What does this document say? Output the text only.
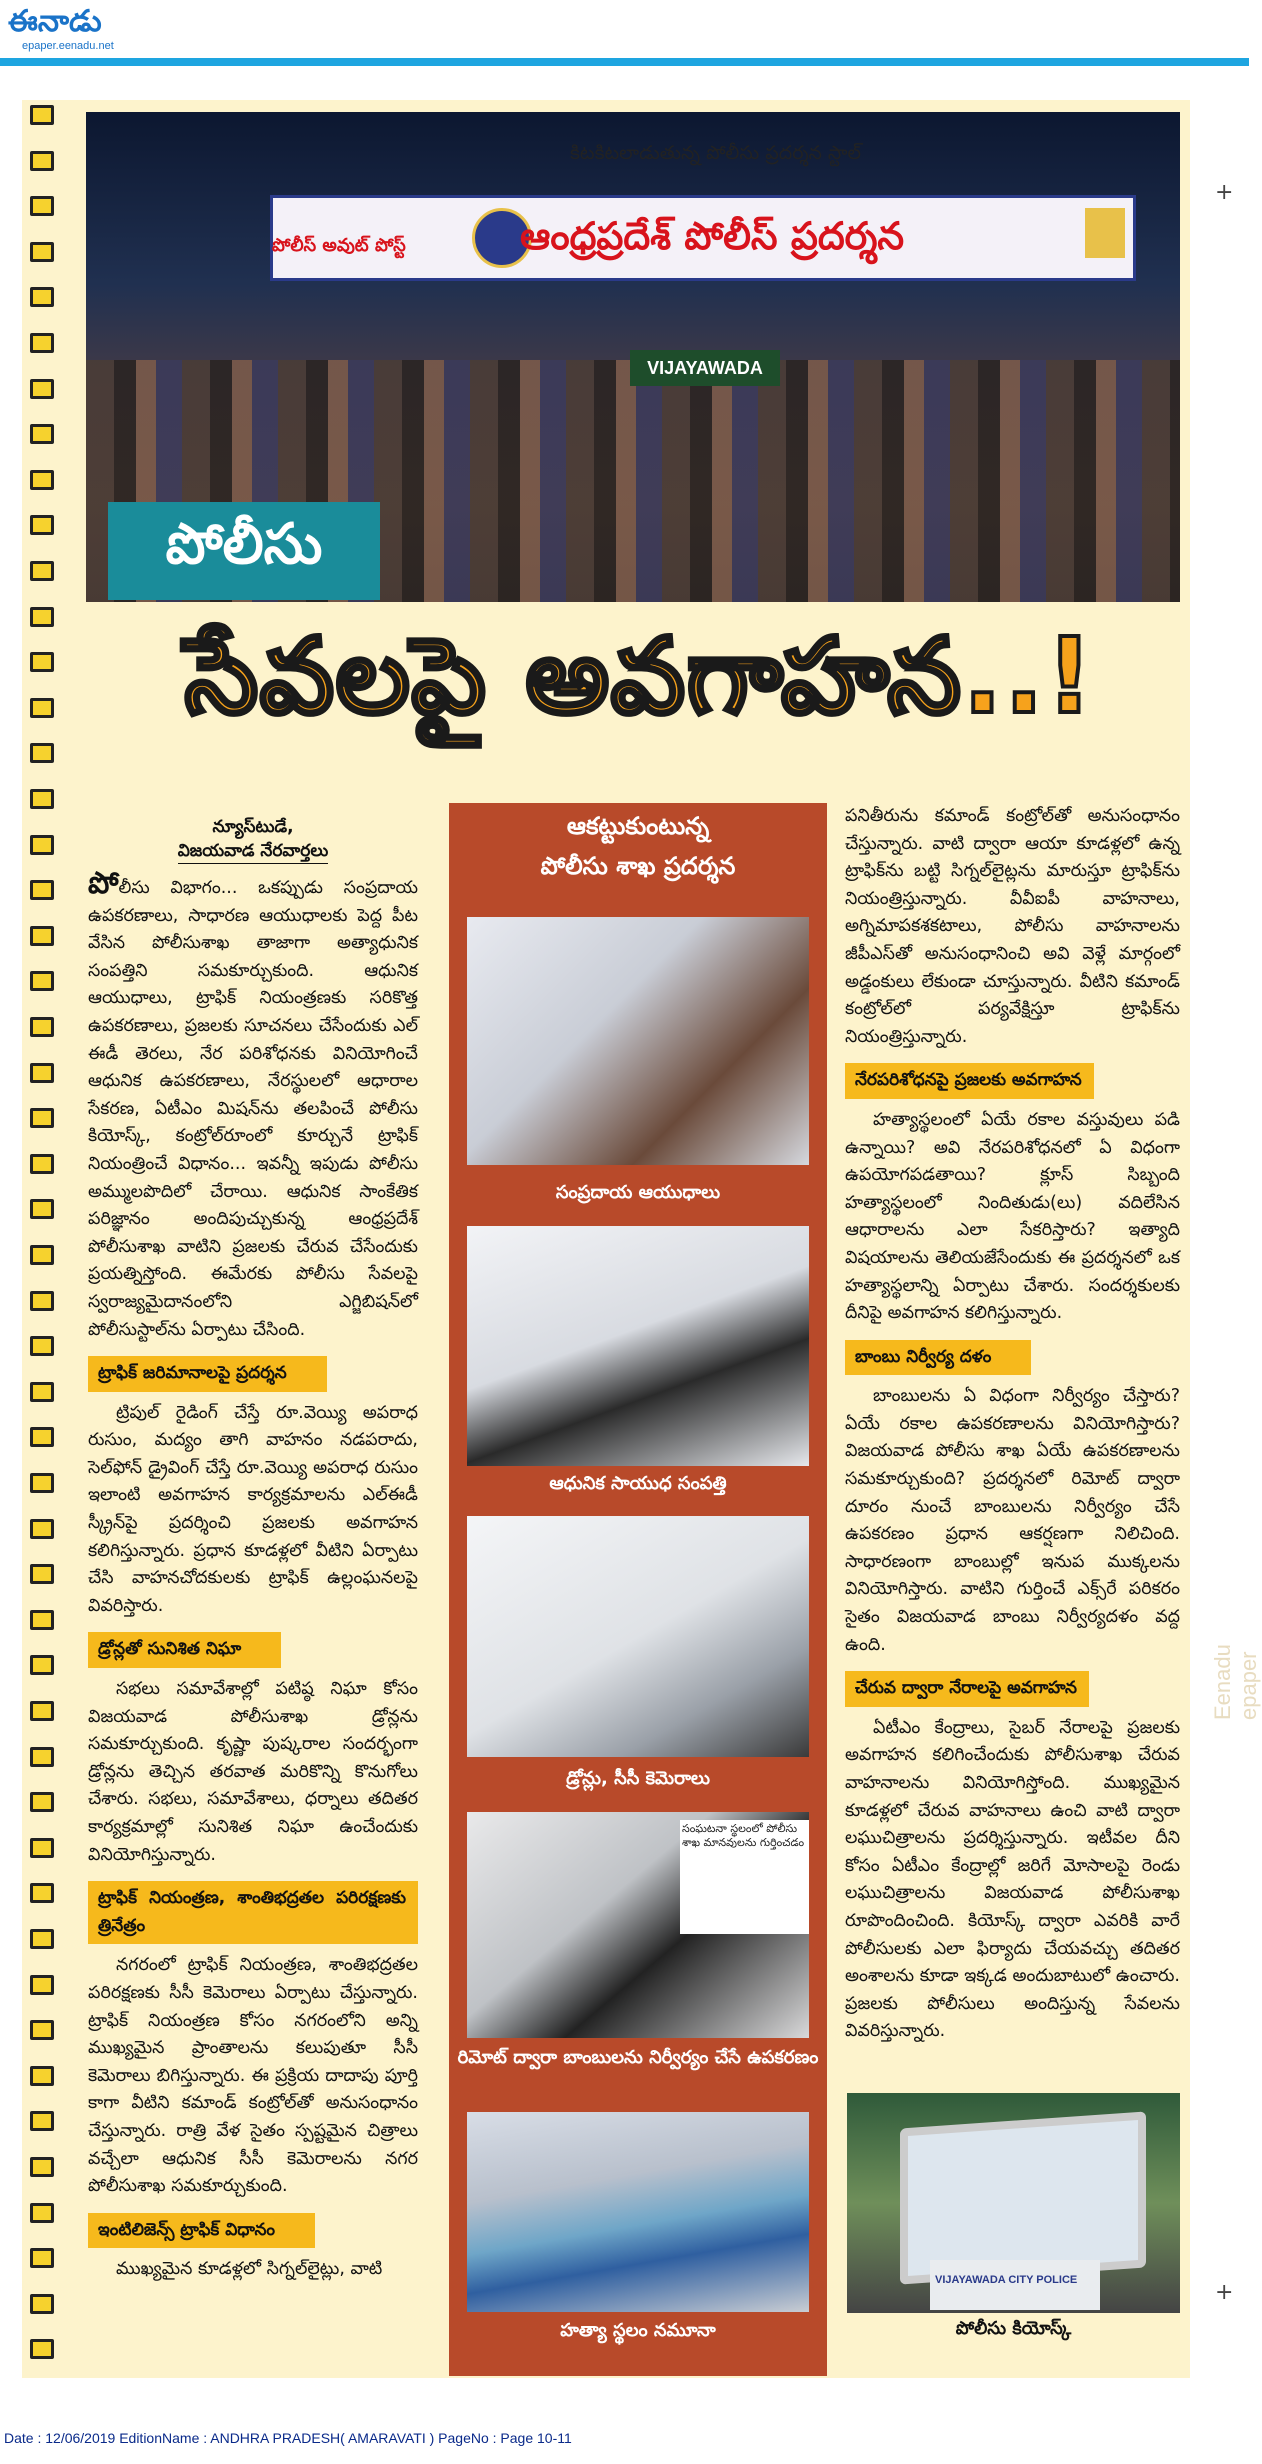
ఈనాడు
epaper.eenadu.net
+
+
కిటకిటలాడుతున్న పోలీసు ప్రదర్శన స్టాల్
పోలీస్ అవుట్ పోస్ట్	ఆంధ్రప్రదేశ్ పోలీస్ ప్రదర్శన
VIJAYAWADA
పోలీసు
సేవలపై అవగాహన..!
న్యూస్‌టుడే,
విజయవాడ నేరవార్తలు

పోలీసు విభాగం... ఒకప్పుడు సంప్రదాయ ఉపకరణాలు, సాధారణ ఆయుధాలకు పెద్ద పీట వేసిన పోలీసుశాఖ తాజాగా అత్యాధునిక సంపత్తిని సమకూర్చుకుంది. ఆధునిక ఆయుధాలు, ట్రాఫిక్ నియంత్రణకు సరికొత్త ఉపకరణాలు, ప్రజలకు సూచనలు చేసేందుకు ఎల్ ఈడీ తెరలు, నేర పరిశోధనకు వినియోగించే ఆధునిక ఉపకరణాలు, నేరస్థులలో ఆధారాల సేకరణ, ఏటీఎం మిషన్‌ను తలపించే పోలీసు కియోస్క్, కంట్రోల్‌రూంలో కూర్చునే ట్రాఫిక్ నియంత్రించే విధానం... ఇవన్నీ ఇపుడు పోలీసు అమ్ములపొదిలో చేరాయి. ఆధునిక సాంకేతిక పరిజ్ఞానం అందిపుచ్చుకున్న ఆంధ్రప్రదేశ్ పోలీసుశాఖ వాటిని ప్రజలకు చేరువ చేసేందుకు ప్రయత్నిస్తోంది. ఈమేరకు పోలీసు సేవలపై స్వరాజ్యమైదానంలోని ఎగ్జిబిషన్‌లో పోలీసుస్టాల్‌ను ఏర్పాటు చేసింది.

ట్రాఫిక్ జరిమానాలపై ప్రదర్శన

ట్రిపుల్ రైడింగ్ చేస్తే రూ.వెయ్యి అపరాధ రుసుం, మద్యం తాగి వాహనం నడపరాదు, సెల్‌ఫోన్ డ్రైవింగ్ చేస్తే రూ.వెయ్యి అపరాధ రుసుం ఇలాంటి అవగాహన కార్యక్రమాలను ఎల్‌ఈడీ స్క్రీన్‌పై ప్రదర్శించి ప్రజలకు అవగాహన కలిగిస్తున్నారు. ప్రధాన కూడళ్లలో వీటిని ఏర్పాటు చేసి వాహనచోదకులకు ట్రాఫిక్ ఉల్లంఘనలపై వివరిస్తారు.

డ్రోన్లతో సునిశిత నిఘా

సభలు సమావేశాల్లో పటిష్ఠ నిఘా కోసం విజయవాడ పోలీసుశాఖ డ్రోన్లను సమకూర్చుకుంది. కృష్ణా పుష్కరాల సందర్భంగా డ్రోన్లను తెచ్చిన తరవాత మరికొన్ని కొనుగోలు చేశారు. సభలు, సమావేశాలు, ధర్నాలు తదితర కార్యక్రమాల్లో సునిశిత నిఘా ఉంచేందుకు వినియోగిస్తున్నారు.

ట్రాఫిక్ నియంత్రణ, శాంతిభద్రతల పరిరక్షణకు త్రినేత్రం

నగరంలో ట్రాఫిక్ నియంత్రణ, శాంతిభద్రతల పరిరక్షణకు సీసీ కెమెరాలు ఏర్పాటు చేస్తున్నారు. ట్రాఫిక్ నియంత్రణ కోసం నగరంలోని అన్ని ముఖ్యమైన ప్రాంతాలను కలుపుతూ సీసీ కెమెరాలు బిగిస్తున్నారు. ఈ ప్రక్రియ దాదాపు పూర్తి కాగా వీటిని కమాండ్ కంట్రోల్‌తో అనుసంధానం చేస్తున్నారు. రాత్రి వేళ సైతం స్పష్టమైన చిత్రాలు వచ్చేలా ఆధునిక సీసీ కెమెరాలను నగర పోలీసుశాఖ సమకూర్చుకుంది.

ఇంటిలిజెన్స్ ట్రాఫిక్ విధానం

ముఖ్యమైన కూడళ్లలో సిగ్నల్‌లైట్లు, వాటి

ఆకట్టుకుంటున్న
పోలీసు శాఖ ప్రదర్శన
సంప్రదాయ ఆయుధాలు
ఆధునిక సాయుధ సంపత్తి
డ్రోన్లు, సీసీ కెమెరాలు
సంఘటనా స్థలంలో పోలీసు శాఖ మానవులను గుర్తించడం
రిమోట్ ద్వారా బాంబులను నిర్వీర్యం చేసే ఉపకరణం
హత్యా స్థలం నమూనా

పనితీరును కమాండ్ కంట్రోల్‌తో అనుసంధానం చేస్తున్నారు. వాటి ద్వారా ఆయా కూడళ్లలో ఉన్న ట్రాఫిక్‌ను బట్టి సిగ్నల్‌లైట్లను మారుస్తూ ట్రాఫిక్‌ను నియంత్రిస్తున్నారు. వీవీఐపీ వాహనాలు, అగ్నిమాపకశకటాలు, పోలీసు వాహనాలను జీపీఎస్‌తో అనుసంధానించి అవి వెళ్లే మార్గంలో అడ్డంకులు లేకుండా చూస్తున్నారు. వీటిని కమాండ్ కంట్రోల్‌లో పర్యవేక్షిస్తూ ట్రాఫిక్‌ను నియంత్రిస్తున్నారు.

నేరపరిశోధనపై ప్రజలకు అవగాహన

హత్యాస్థలంలో ఏయే రకాల వస్తువులు పడి ఉన్నాయి? అవి నేరపరిశోధనలో ఏ విధంగా ఉపయోగపడతాయి? క్లూస్ సిబ్బంది హత్యాస్థలంలో నిందితుడు(లు) వదిలేసిన ఆధారాలను ఎలా సేకరిస్తారు? ఇత్యాది విషయాలను తెలియజేసేందుకు ఈ ప్రదర్శనలో ఒక హత్యాస్థలాన్ని ఏర్పాటు చేశారు. సందర్శకులకు దీనిపై అవగాహన కలిగిస్తున్నారు.

బాంబు నిర్వీర్య దళం

బాంబులను ఏ విధంగా నిర్వీర్యం చేస్తారు? ఏయే రకాల ఉపకరణాలను వినియోగిస్తారు? విజయవాడ పోలీసు శాఖ ఏయే ఉపకరణాలను సమకూర్చుకుంది? ప్రదర్శనలో రిమోట్ ద్వారా దూరం నుంచే బాంబులను నిర్వీర్యం చేసే ఉపకరణం ప్రధాన ఆకర్షణగా నిలిచింది. సాధారణంగా బాంబుల్లో ఇనుప ముక్కలను వినియోగిస్తారు. వాటిని గుర్తించే ఎక్స్‌రే పరికరం సైతం విజయవాడ బాంబు నిర్వీర్యదళం వద్ద ఉంది.

చేరువ ద్వారా నేరాలపై అవగాహన

ఏటీఎం కేంద్రాలు, సైబర్ నేరాలపై ప్రజలకు అవగాహన కలిగించేందుకు పోలీసుశాఖ చేరువ వాహనాలను వినియోగిస్తోంది. ముఖ్యమైన కూడళ్లలో చేరువ వాహనాలు ఉంచి వాటి ద్వారా లఘుచిత్రాలను ప్రదర్శిస్తున్నారు. ఇటీవల దీని కోసం ఏటీఎం కేంద్రాల్లో జరిగే మోసాలపై రెండు లఘుచిత్రాలను విజయవాడ పోలీసుశాఖ రూపొందించింది. కియోస్క్ ద్వారా ఎవరికి వారే పోలీసులకు ఎలా ఫిర్యాదు చేయవచ్చు తదితర అంశాలను కూడా ఇక్కడ అందుబాటులో ఉంచారు. ప్రజలకు పోలీసులు అందిస్తున్న సేవలను వివరిస్తున్నారు.

VIJAYAWADA CITY POLICE
పోలీసు కియోస్క్
Eenadu epaper
Date : 12/06/2019 EditionName : ANDHRA PRADESH( AMARAVATI ) PageNo : Page 10-11
